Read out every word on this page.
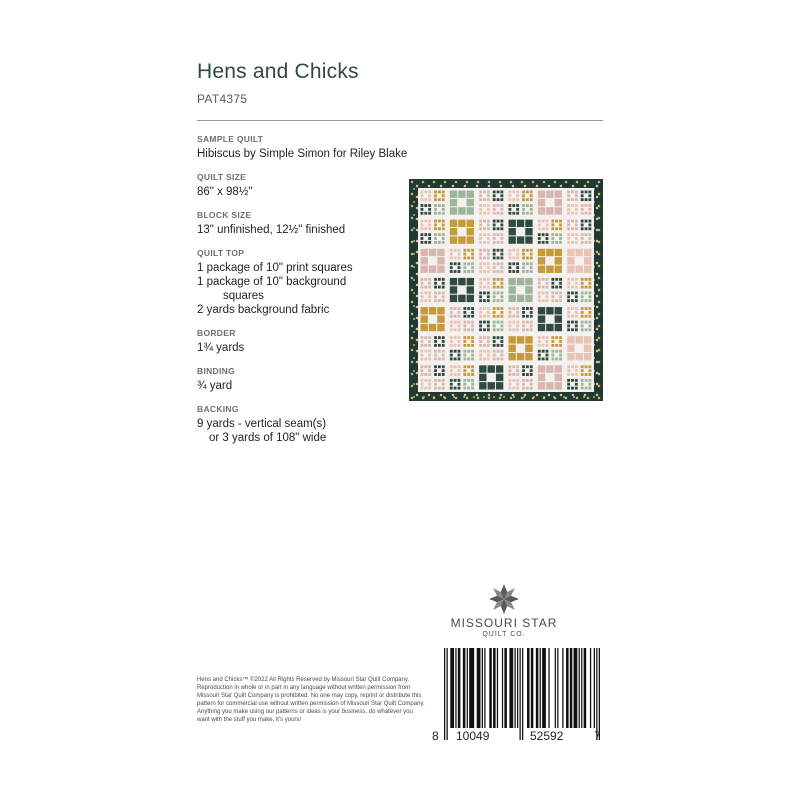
Hens and Chicks
PAT4375
SAMPLE QUILT
Hibiscus by Simple Simon for Riley Blake
QUILT SIZE
86" x 98½"
BLOCK SIZE
13" unfinished, 12½" finished
QUILT TOP
1 package of 10" print squares
1 package of 10" background
squares
2 yards background fabric
BORDER
1¾ yards
BINDING
¾ yard
BACKING
9 yards - vertical seam(s)
or 3 yards of 108" wide
MISSOURI STAR
QUILT CO.
8 10049	52592	7
Hens and Chicks™ ©2022 All Rights Reserved by Missouri Star Quilt Company. Reproduction in whole or in part in any language without written permission from Missouri Star Quilt Company is prohibited. No one may copy, reprint or distribute this pattern for commercial use without written permission of Missouri Star Quilt Company. Anything you make using our patterns or ideas is your business, do whatever you want with the stuff you make, it's yours!
